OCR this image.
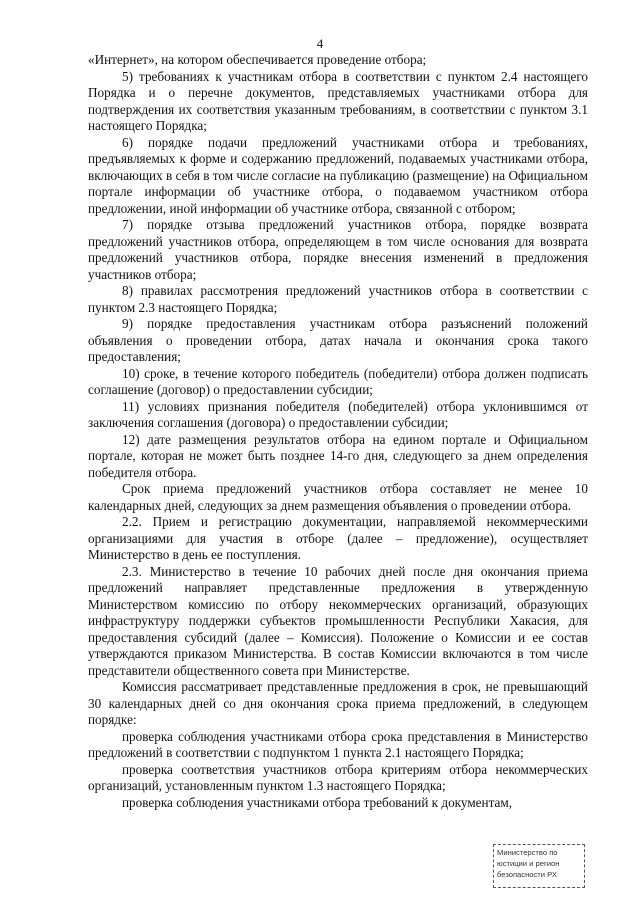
4

«Интернет», на котором обеспечивается проведение отбора;

5) требованиях к участникам отбора в соответствии с пунктом 2.4 настоящего Порядка и о перечне документов, представляемых участниками отбора для подтверждения их соответствия указанным требованиям, в соответствии с пунктом 3.1 настоящего Порядка;

6) порядке подачи предложений участниками отбора и требованиях, предъявляемых к форме и содержанию предложений, подаваемых участниками отбора, включающих в себя в том числе согласие на публикацию (размещение) на Официальном портале информации об участнике отбора, о подаваемом участником отбора предложении, иной информации об участнике отбора, связанной с отбором;

7) порядке отзыва предложений участников отбора, порядке возврата предложений участников отбора, определяющем в том числе основания для возврата предложений участников отбора, порядке внесения изменений в предложения участников отбора;

8) правилах рассмотрения предложений участников отбора в соответствии с пунктом 2.3 настоящего Порядка;

9) порядке предоставления участникам отбора разъяснений положений объявления о проведении отбора, датах начала и окончания срока такого предоставления;

10) сроке, в течение которого победитель (победители) отбора должен подписать соглашение (договор) о предоставлении субсидии;

11) условиях признания победителя (победителей) отбора уклонившимся от заключения соглашения (договора) о предоставлении субсидии;

12) дате размещения результатов отбора на едином портале и Официальном портале, которая не может быть позднее 14-го дня, следующего за днем определения победителя отбора.

Срок приема предложений участников отбора составляет не менее 10 календарных дней, следующих за днем размещения объявления о проведении отбора.

2.2. Прием и регистрацию документации, направляемой некоммерческими организациями для участия в отборе (далее – предложение), осуществляет Министерство в день ее поступления.

2.3. Министерство в течение 10 рабочих дней после дня окончания приема предложений направляет представленные предложения в утвержденную Министерством комиссию по отбору некоммерческих организаций, образующих инфраструктуру поддержки субъектов промышленности Республики Хакасия, для предоставления субсидий (далее – Комиссия). Положение о Комиссии и ее состав утверждаются приказом Министерства. В состав Комиссии включаются в том числе представители общественного совета при Министерстве.

Комиссия рассматривает представленные предложения в срок, не превышающий 30 календарных дней со дня окончания срока приема предложений, в следующем порядке:

проверка соблюдения участниками отбора срока представления в Министерство предложений в соответствии с подпунктом 1 пункта 2.1 настоящего Порядка;

проверка соответствия участников отбора критериям отбора некоммерческих организаций, установленным пунктом 1.3 настоящего Порядка;

проверка соблюдения участниками отбора требований к документам,

Министерство по
юстиции и регион
безопасности РХ
